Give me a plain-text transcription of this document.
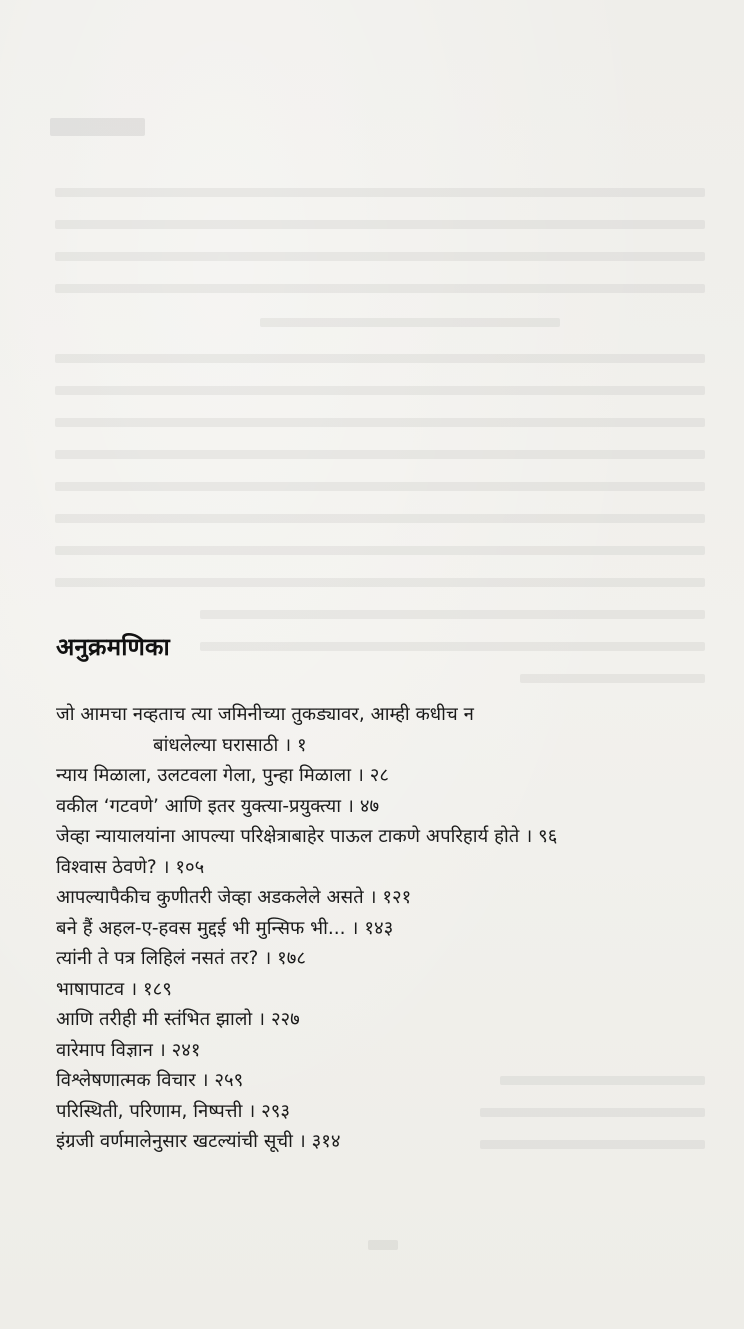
अनुक्रमणिका
जो आमचा नव्हताच त्या जमिनीच्या तुकड्यावर, आम्ही कधीच न
बांधलेल्या घरासाठी । १
न्याय मिळाला, उलटवला गेला, पुन्हा मिळाला । २८
वकील ‘गटवणे’ आणि इतर युक्त्या-प्रयुक्त्या । ४७
जेव्हा न्यायालयांना आपल्या परिक्षेत्राबाहेर पाऊल टाकणे अपरिहार्य होते । ९६
विश्वास ठेवणे? । १०५
आपल्यापैकीच कुणीतरी जेव्हा अडकलेले असते । १२१
बने हैं अहल-ए-हवस मुद्दई भी मुन्सिफ भी... । १४३
त्यांनी ते पत्र लिहिलं नसतं तर? । १७८
भाषापाटव । १८९
आणि तरीही मी स्तंभित झालो । २२७
वारेमाप विज्ञान । २४१
विश्लेषणात्मक विचार । २५९
परिस्थिती, परिणाम, निष्पत्ती । २९३
इंग्रजी वर्णमालेनुसार खटल्यांची सूची । ३१४
